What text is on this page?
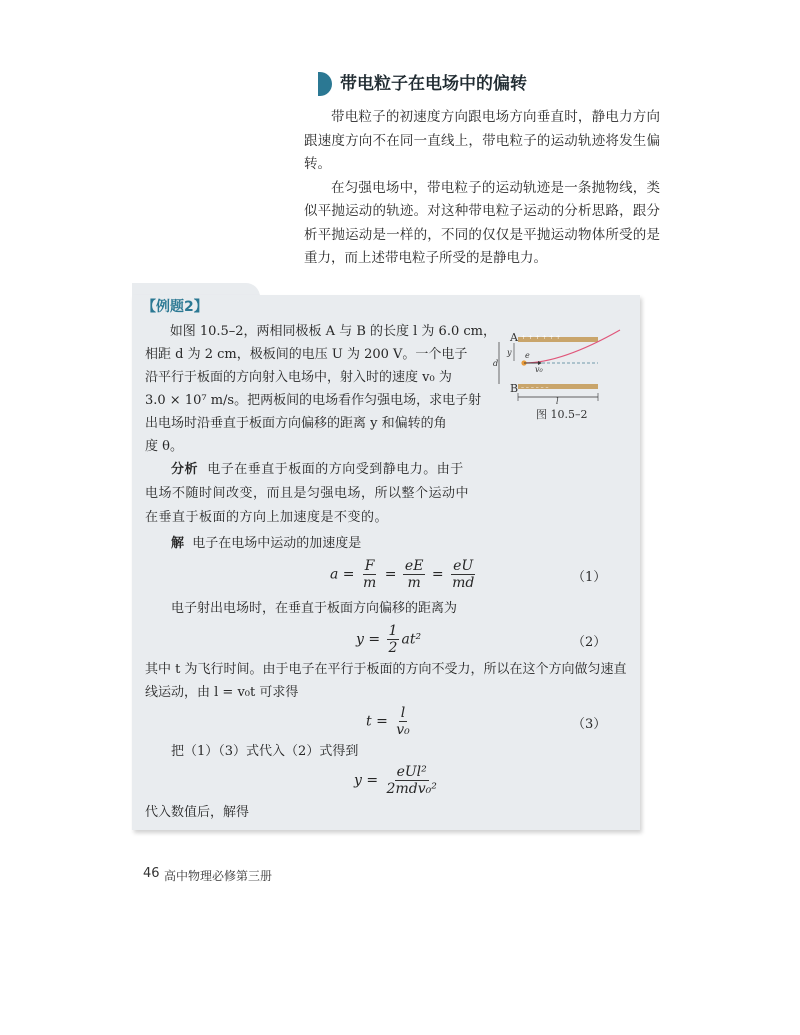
带电粒子在电场中的偏转

带电粒子的初速度方向跟电场方向垂直时，静电力方向跟速度方向不在同一直线上，带电粒子的运动轨迹将发生偏转。

在匀强电场中，带电粒子的运动轨迹是一条抛物线，类似平抛运动的轨迹。对这种带电粒子运动的分析思路，跟分析平抛运动是一样的，不同的仅仅是平抛运动物体所受的是重力，而上述带电粒子所受的是静电力。

【例题2】
如图 10.5–2，两相同极板 A 与 B 的长度 l 为 6.0 cm，
相距 d 为 2 cm，极板间的电压 U 为 200 V。一个电子
沿平行于板面的方向射入电场中，射入时的速度 v₀ 为
3.0 × 10⁷ m/s。把两板间的电场看作匀强电场，求电子射
出电场时沿垂直于板面方向偏移的距离 y 和偏转的角
度 θ。
+ + + + + +
– – – – – –
A
B
e
v₀
d
y
l
图 10.5–2
分析 电子在垂直于板面的方向受到静电力。由于
电场不随时间改变，而且是匀强电场，所以整个运动中
在垂直于板面的方向上加速度是不变的。
解 电子在电场中运动的加速度是
$a = \frac{F}{m} = \frac{eE}{m} = \frac{eU}{md}$	（1）
电子射出电场时，在垂直于板面方向偏移的距离为
$y = \frac{1}{2} at^2$	（2）
其中 t 为飞行时间。由于电子在平行于板面的方向不受力，所以在这个方向做匀速直
线运动，由 l = v₀t 可求得
$t = \frac{l}{\text{v₀}}$	（3）
把（1）（3）式代入（2）式得到
$y = \frac{\text{eUl²}}{\text{2mdv₀²}}$
代入数值后，解得
46 高中物理必修第三册
